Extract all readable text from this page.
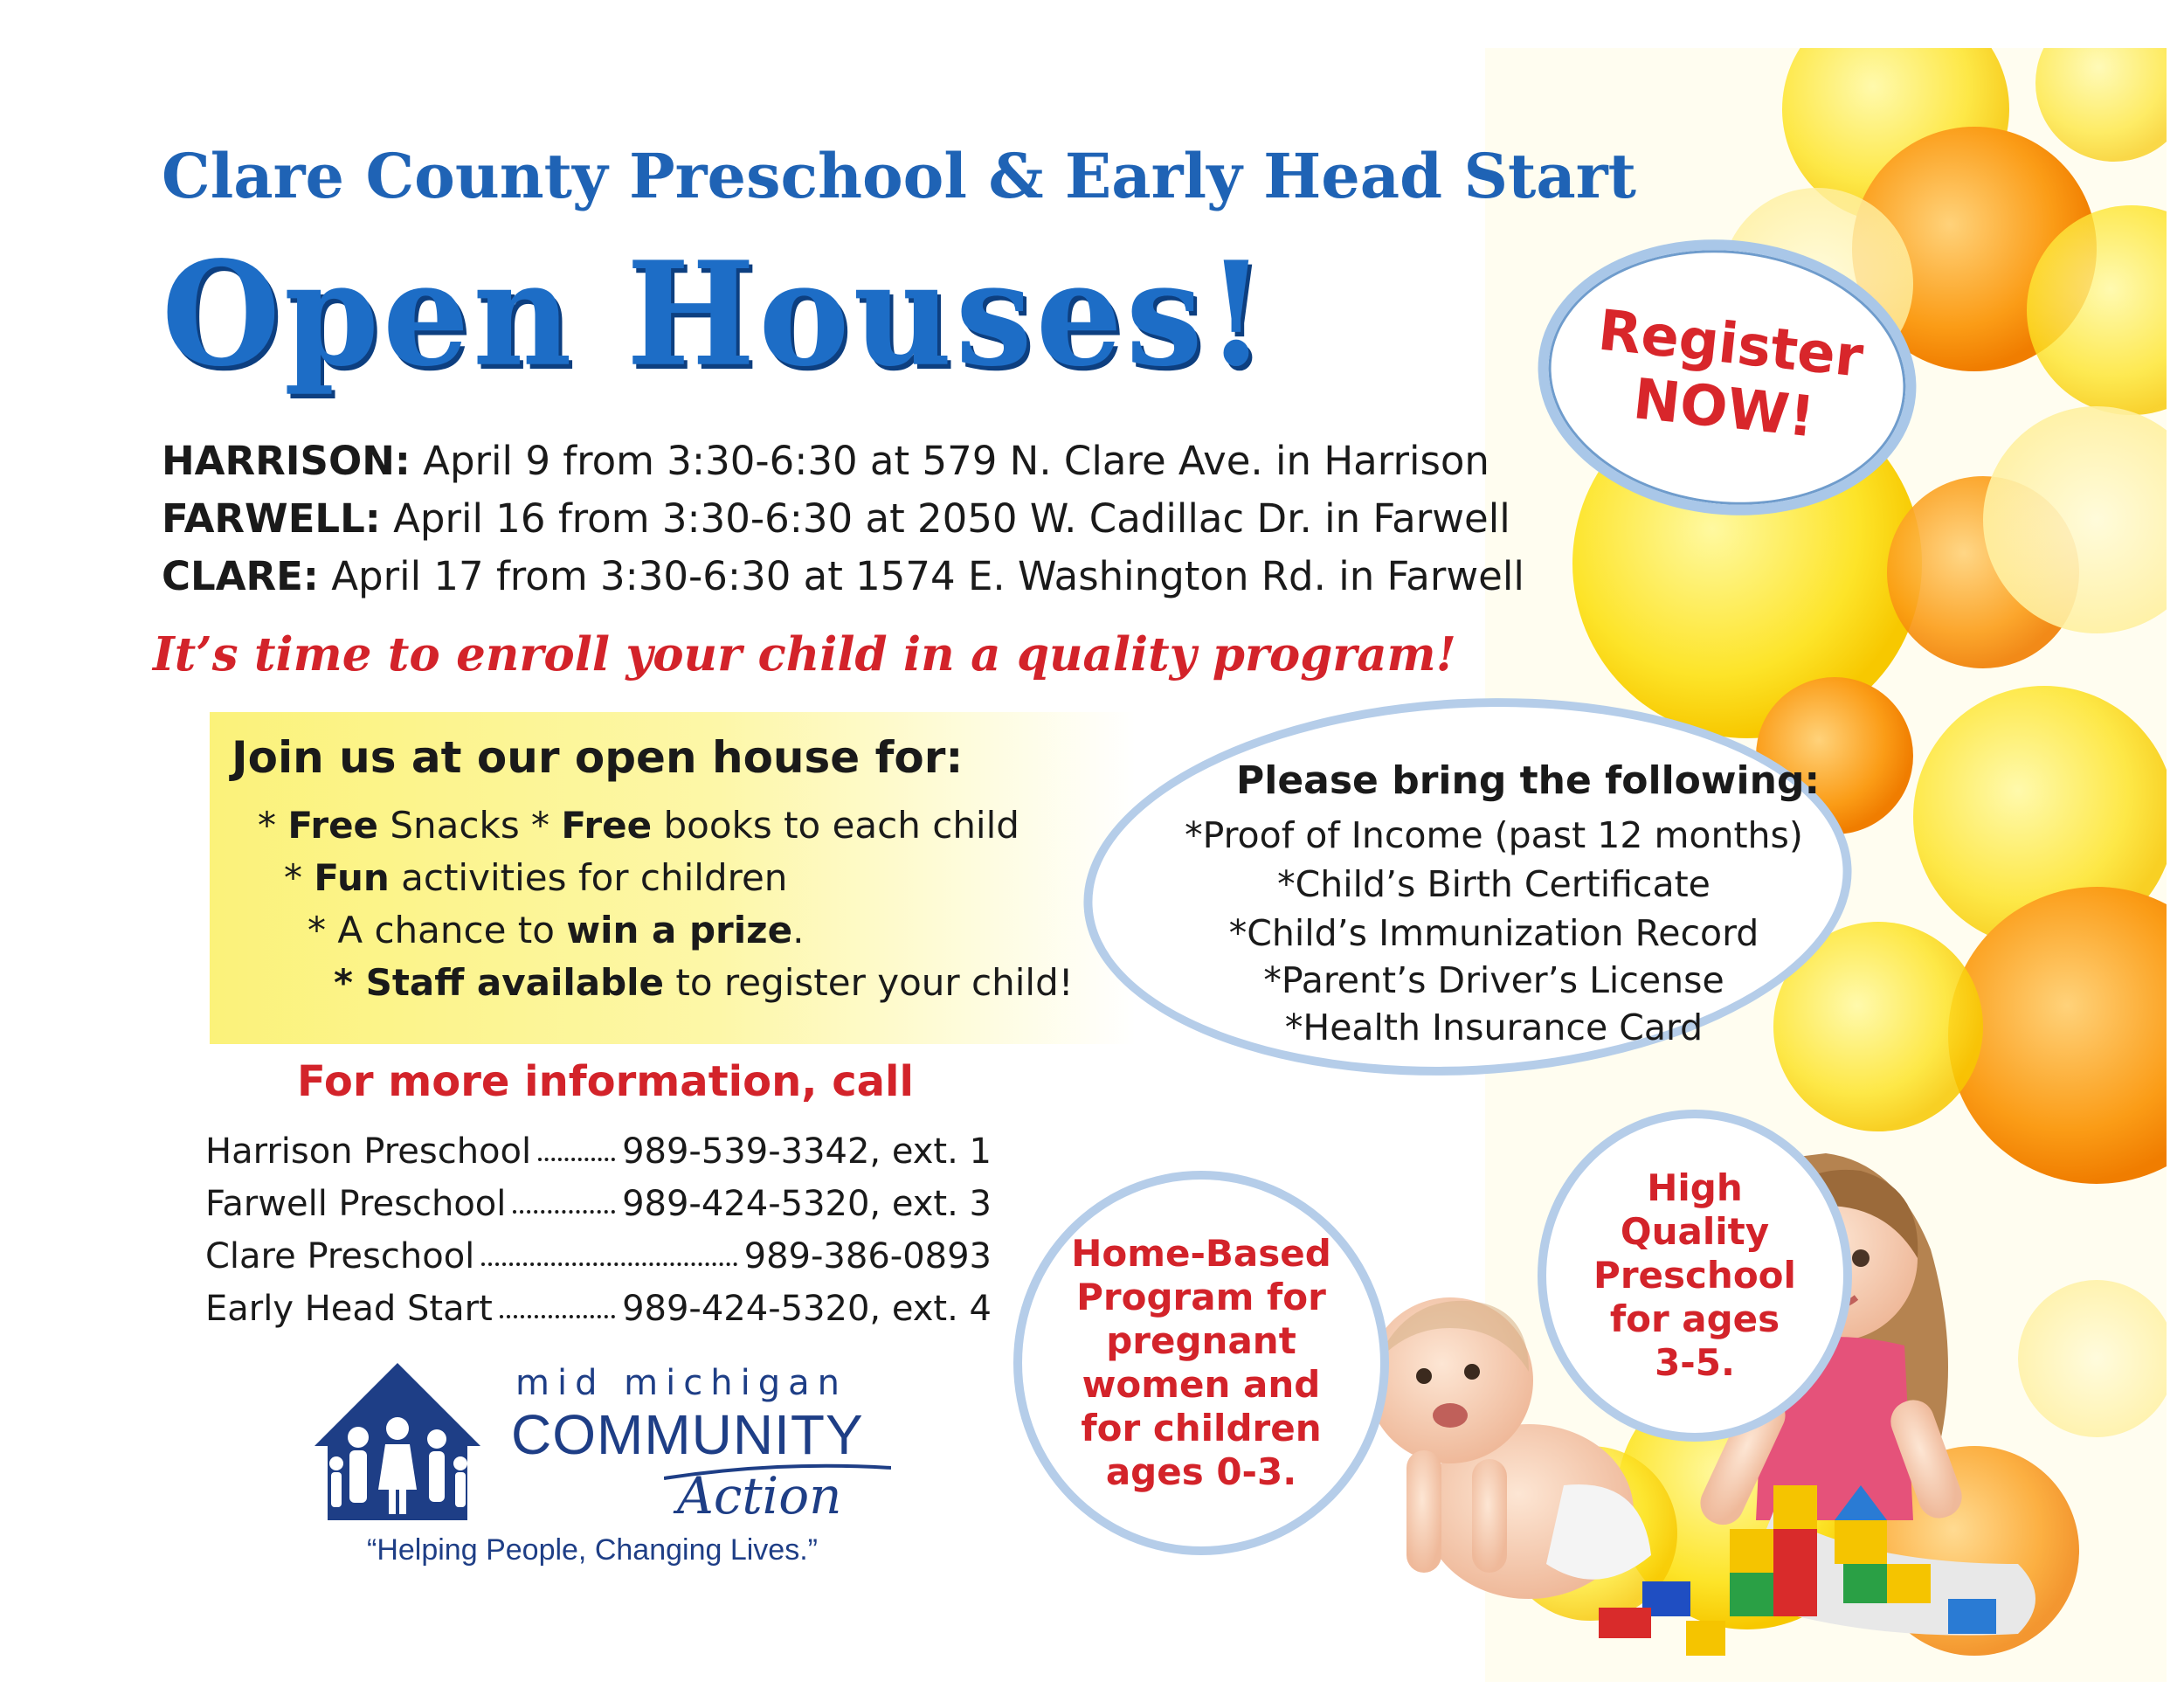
Clare County Preschool & Early Head Start
Open Houses!	Register
NOW!
HARRISON: April 9 from 3:30-6:30 at 579 N. Clare Ave. in Harrison
FARWELL: April 16 from 3:30-6:30 at 2050 W. Cadillac Dr. in Farwell
CLARE: April 17 from 3:30-6:30 at 1574 E. Washington Rd. in Farwell
It’s time to enroll your child in a quality program!
Join us at our open house for:
* Free Snacks * Free books to each child
* Fun activities for children
* A chance to win a prize.
* Staff available to register your child!
Please bring the following:
*Proof of Income (past 12 months)
*Child’s Birth Certificate
*Child’s Immunization Record
*Parent’s Driver’s License
*Health Insurance Card
For more information, call
Harrison Preschool	989-539-3342, ext. 1
Farwell Preschool	989-424-5320, ext. 3
Clare Preschool	989-386-0893
Early Head Start	989-424-5320, ext. 4
mid michigan
COMMUNITY
Action
“Helping People, Changing Lives.”
Home-Based
Program for
pregnant
women and
for children
ages 0-3.
High
Quality
Preschool
for ages
3-5.
